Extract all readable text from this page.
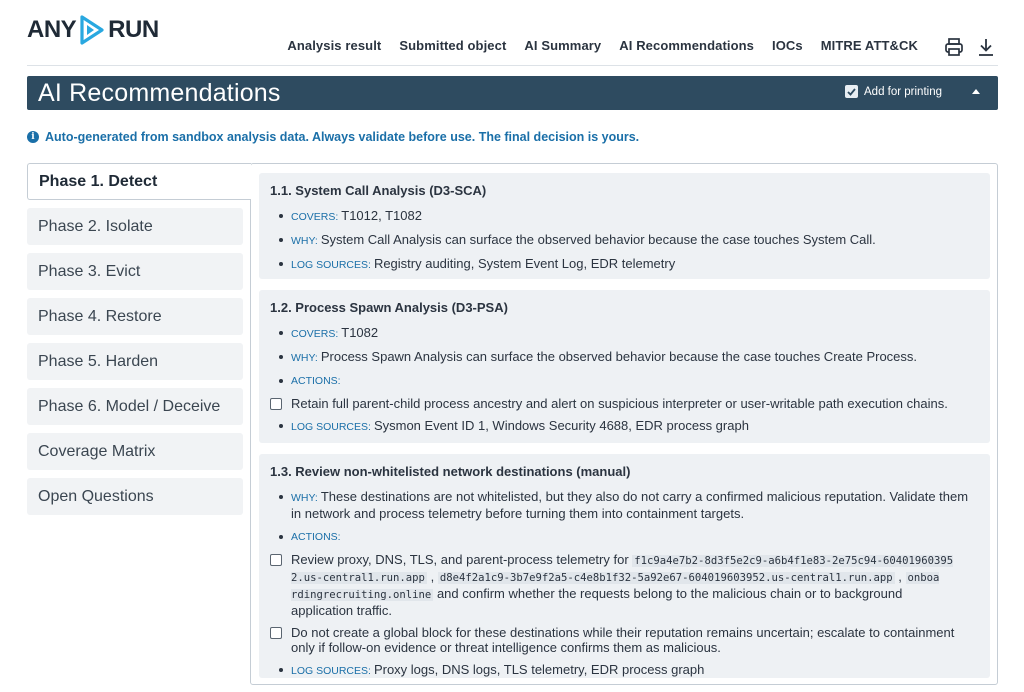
ANY RUN
Analysis result Submitted object AI Summary AI Recommendations IOCs MITRE ATT&CK
AI Recommendations	Add for printing
i Auto-generated from sandbox analysis data. Always validate before use. The final decision is yours.
Phase 1. Detect
Phase 2. Isolate
Phase 3. Evict
Phase 4. Restore
Phase 5. Harden
Phase 6. Model / Deceive
Coverage Matrix
Open Questions
1.1. System Call Analysis (D3-SCA)
COVERS: T1012, T1082
WHY: System Call Analysis can surface the observed behavior because the case touches System Call.
LOG SOURCES: Registry auditing, System Event Log, EDR telemetry
1.2. Process Spawn Analysis (D3-PSA)
COVERS: T1082
WHY: Process Spawn Analysis can surface the observed behavior because the case touches Create Process.
ACTIONS:
Retain full parent-child process ancestry and alert on suspicious interpreter or user-writable path execution chains.
LOG SOURCES: Sysmon Event ID 1, Windows Security 4688, EDR process graph
1.3. Review non-whitelisted network destinations (manual)
WHY: These destinations are not whitelisted, but they also do not carry a confirmed malicious reputation. Validate them in network and process telemetry before turning them into containment targets.
ACTIONS:
Review proxy, DNS, TLS, and parent-process telemetry for f1c9a4e7b2-8d3f5e2c9-a6b4f1e83-2e75c94-60401960395
2.us-central1.run.app , d8e4f2a1c9-3b7e9f2a5-c4e8b1f32-5a92e67-604019603952.us-central1.run.app , onboa
rdingrecruiting.online and confirm whether the requests belong to the malicious chain or to background
application traffic.
Do not create a global block for these destinations while their reputation remains uncertain; escalate to containment only if follow-on evidence or threat intelligence confirms them as malicious.
LOG SOURCES: Proxy logs, DNS logs, TLS telemetry, EDR process graph
